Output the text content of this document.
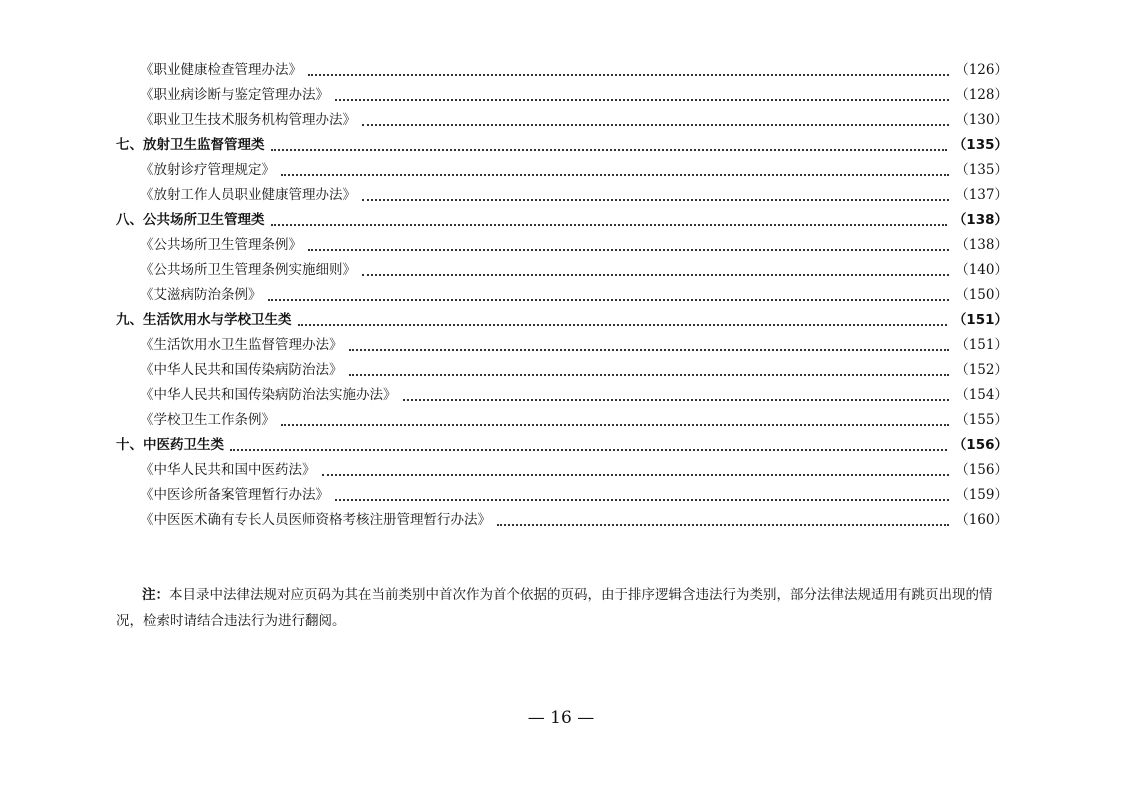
《职业健康检查管理办法》	（126）
《职业病诊断与鉴定管理办法》	（128）
《职业卫生技术服务机构管理办法》	（130）
七、放射卫生监督管理类	（135）
《放射诊疗管理规定》	（135）
《放射工作人员职业健康管理办法》	（137）
八、公共场所卫生管理类	（138）
《公共场所卫生管理条例》	（138）
《公共场所卫生管理条例实施细则》	（140）
《艾滋病防治条例》	（150）
九、生活饮用水与学校卫生类	（151）
《生活饮用水卫生监督管理办法》	（151）
《中华人民共和国传染病防治法》	（152）
《中华人民共和国传染病防治法实施办法》	（154）
《学校卫生工作条例》	（155）
十、中医药卫生类	（156）
《中华人民共和国中医药法》	（156）
《中医诊所备案管理暂行办法》	（159）
《中医医术确有专长人员医师资格考核注册管理暂行办法》	（160）
注：本目录中法律法规对应页码为其在当前类别中首次作为首个依据的页码，由于排序逻辑含违法行为类别，部分法律法规适用有跳页出现的情况，检索时请结合违法行为进行翻阅。
— 16 —
